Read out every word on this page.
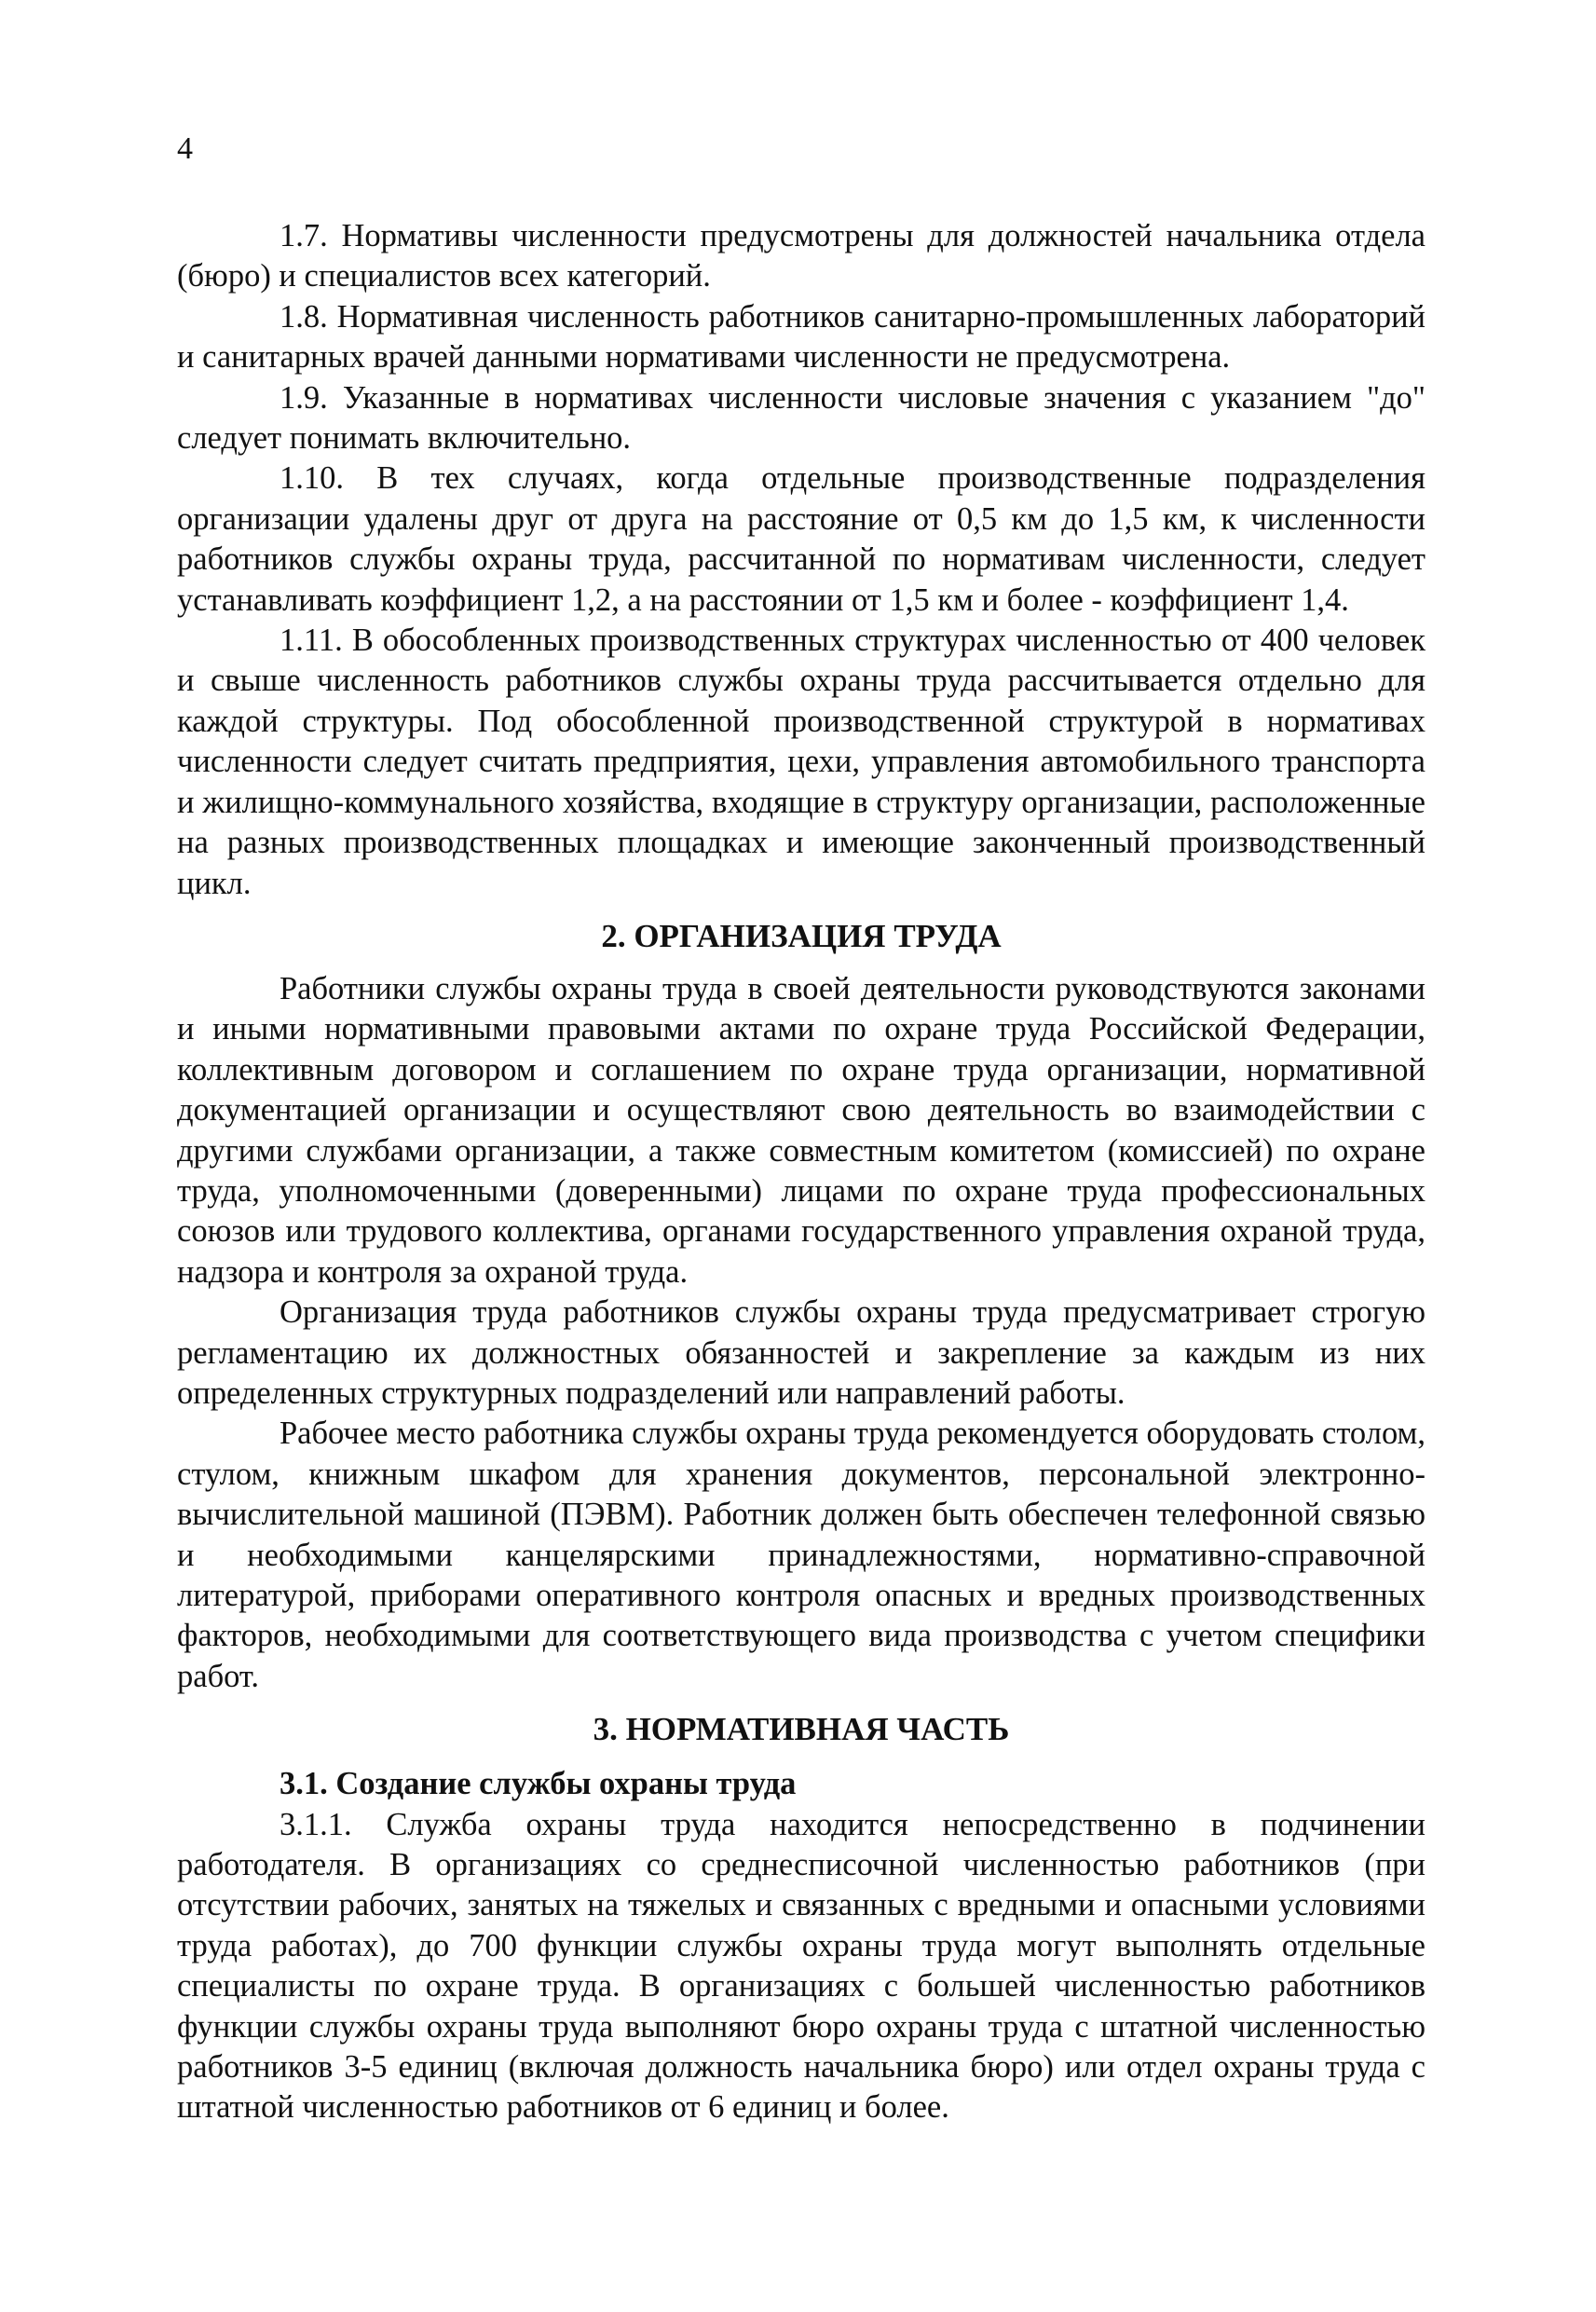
4

1.7. Нормативы численности предусмотрены для должностей начальника отдела (бюро) и специалистов всех категорий.

1.8. Нормативная численность работников санитарно-промышленных лабораторий и санитарных врачей данными нормативами численности не предусмотрена.

1.9. Указанные в нормативах численности числовые значения с указанием "до" следует понимать включительно.

1.10. В тех случаях, когда отдельные производственные подразделения организации удалены друг от друга на расстояние от 0,5 км до 1,5 км, к численности работников службы охраны труда, рассчитанной по нормативам численности, следует устанавливать коэффициент 1,2, а на расстоянии от 1,5 км и более - коэффициент 1,4.

1.11. В обособленных производственных структурах численностью от 400 человек и свыше численность работников службы охраны труда рассчитывается отдельно для каждой структуры. Под обособленной производственной структурой в нормативах численности следует считать предприятия, цехи, управления автомобильного транспорта и жилищно-коммунального хозяйства, входящие в структуру организации, расположенные на разных производственных площадках и имеющие законченный производственный цикл.

2. ОРГАНИЗАЦИЯ ТРУДА

Работники службы охраны труда в своей деятельности руководствуются законами и иными нормативными правовыми актами по охране труда Российской Федерации, коллективным договором и соглашением по охране труда организации, нормативной документацией организации и осуществляют свою деятельность во взаимодействии с другими службами организации, а также совместным комитетом (комиссией) по охране труда, уполномоченными (доверенными) лицами по охране труда профессиональных союзов или трудового коллектива, органами государственного управления охраной труда, надзора и контроля за охраной труда.

Организация труда работников службы охраны труда предусматривает строгую регламентацию их должностных обязанностей и закрепление за каждым из них определенных структурных подразделений или направлений работы.

Рабочее место работника службы охраны труда рекомендуется оборудовать столом, стулом, книжным шкафом для хранения документов, персональной электронно-вычислительной машиной (ПЭВМ). Работник должен быть обеспечен телефонной связью и необходимыми канцелярскими принадлежностями, нормативно-справочной литературой, приборами оперативного контроля опасных и вредных производственных факторов, необходимыми для соответствующего вида производства с учетом специфики работ.

3. НОРМАТИВНАЯ ЧАСТЬ
3.1. Создание службы охраны труда

3.1.1. Служба охраны труда находится непосредственно в подчинении работодателя. В организациях со среднесписочной численностью работников (при отсутствии рабочих, занятых на тяжелых и связанных с вредными и опасными условиями труда работах), до 700 функции службы охраны труда могут выполнять отдельные специалисты по охране труда. В организациях с большей численностью работников функции службы охраны труда выполняют бюро охраны труда с штатной численностью работников 3-5 единиц (включая должность начальника бюро) или отдел охраны труда с штатной численностью работников от 6 единиц и более.
